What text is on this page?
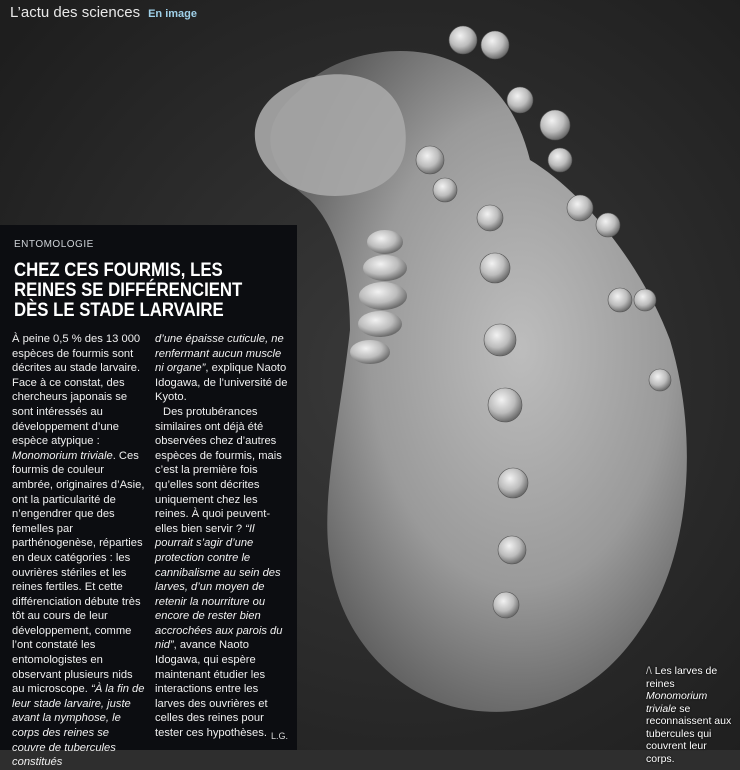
L’actu des sciences En image
ENTOMOLOGIE
CHEZ CES FOURMIS, LES
REINES SE DIFFÉRENCIENT
DÈS LE STADE LARVAIRE

À peine 0,5 % des 13 000 espèces de fourmis sont décrites au stade larvaire. Face à ce constat, des chercheurs japonais se sont intéressés au développement d’une espèce atypique : Monomorium triviale. Ces fourmis de couleur ambrée, originaires d’Asie, ont la particularité de n’engendrer que des femelles par parthénogenèse, réparties en deux catégories : les ouvrières stériles et les reines fertiles. Et cette différenciation débute très tôt au cours de leur développement, comme l’ont constaté les entomologistes en observant plusieurs nids au microscope. “À la fin de leur stade larvaire, juste avant la nymphose, le corps des reines se couvre de tubercules constitués

d’une épaisse cuticule, ne renfermant aucun muscle ni organe”, explique Naoto Idogawa, de l’université de Kyoto.

Des protubérances similaires ont déjà été observées chez d’autres espèces de fourmis, mais c’est la première fois qu’elles sont décrites uniquement chez les reines. À quoi peuvent-elles bien servir ? “Il pourrait s’agir d’une protection contre le cannibalisme au sein des larves, d’un moyen de retenir la nourriture ou encore de rester bien accrochées aux parois du nid”, avance Naoto Idogawa, qui espère maintenant étudier les interactions entre les larves des ouvrières et celles des reines pour tester ces hypothèses. L.G.
/\ Les larves de reines Monomorium triviale se reconnaissent aux tubercules qui couvrent leur corps.
